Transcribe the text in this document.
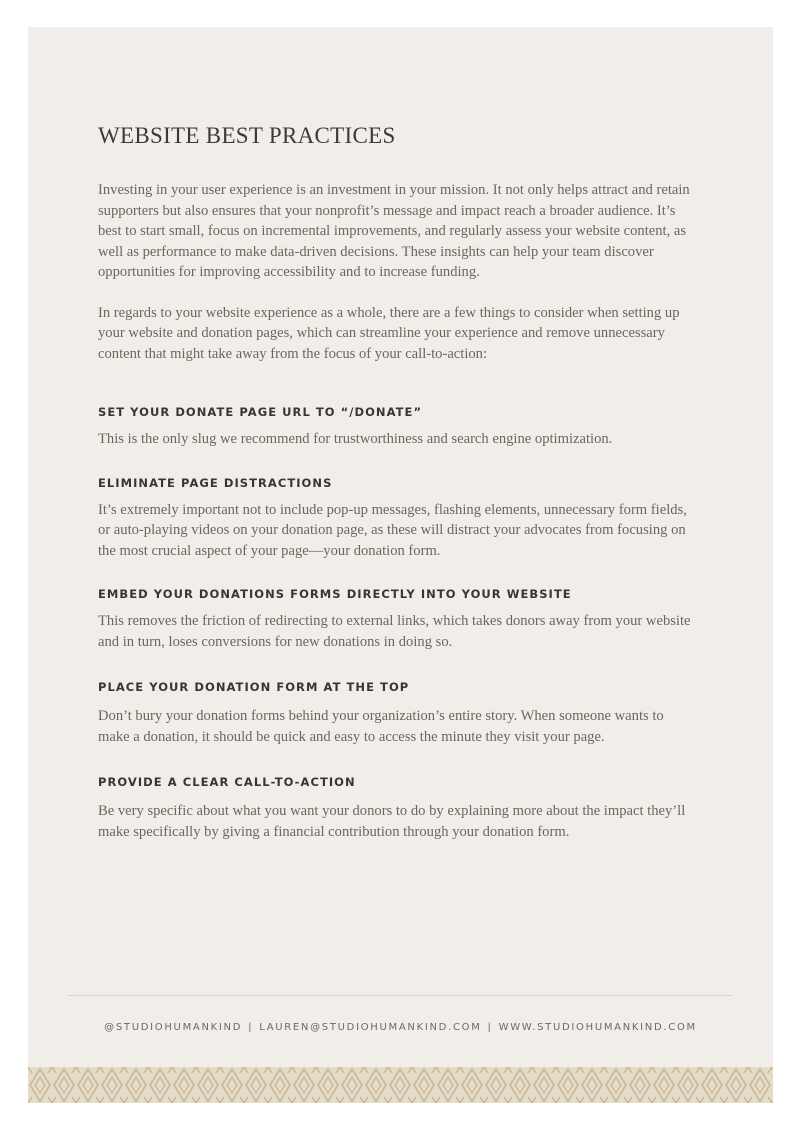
WEBSITE BEST PRACTICES

Investing in your user experience is an investment in your mission. It not only helps attract and retain supporters but also ensures that your nonprofit’s message and impact reach a broader audience. It’s best to start small, focus on incremental improvements, and regularly assess your website content, as well as performance to make data-driven decisions. These insights can help your team discover opportunities for improving accessibility and to increase funding.

In regards to your website experience as a whole, there are a few things to consider when setting up your website and donation pages, which can streamline your experience and remove unnecessary content that might take away from the focus of your call-to-action:

SET YOUR DONATE PAGE URL TO “/DONATE”

This is the only slug we recommend for trustworthiness and search engine optimization.

ELIMINATE PAGE DISTRACTIONS

It’s extremely important not to include pop-up messages, flashing elements, unnecessary form fields, or auto-playing videos on your donation page, as these will distract your advocates from focusing on the most crucial aspect of your page—your donation form.

EMBED YOUR DONATIONS FORMS DIRECTLY INTO YOUR WEBSITE

This removes the friction of redirecting to external links, which takes donors away from your website and in turn, loses conversions for new donations in doing so.

PLACE YOUR DONATION FORM AT THE TOP

Don’t bury your donation forms behind your organization’s entire story. When someone wants to make a donation, it should be quick and easy to access the minute they visit your page.

PROVIDE A CLEAR CALL-TO-ACTION

Be very specific about what you want your donors to do by explaining more about the impact they’ll make specifically by giving a financial contribution through your donation form.

@STUDIOHUMANKIND | LAUREN@STUDIOHUMANKIND.COM | WWW.STUDIOHUMANKIND.COM
